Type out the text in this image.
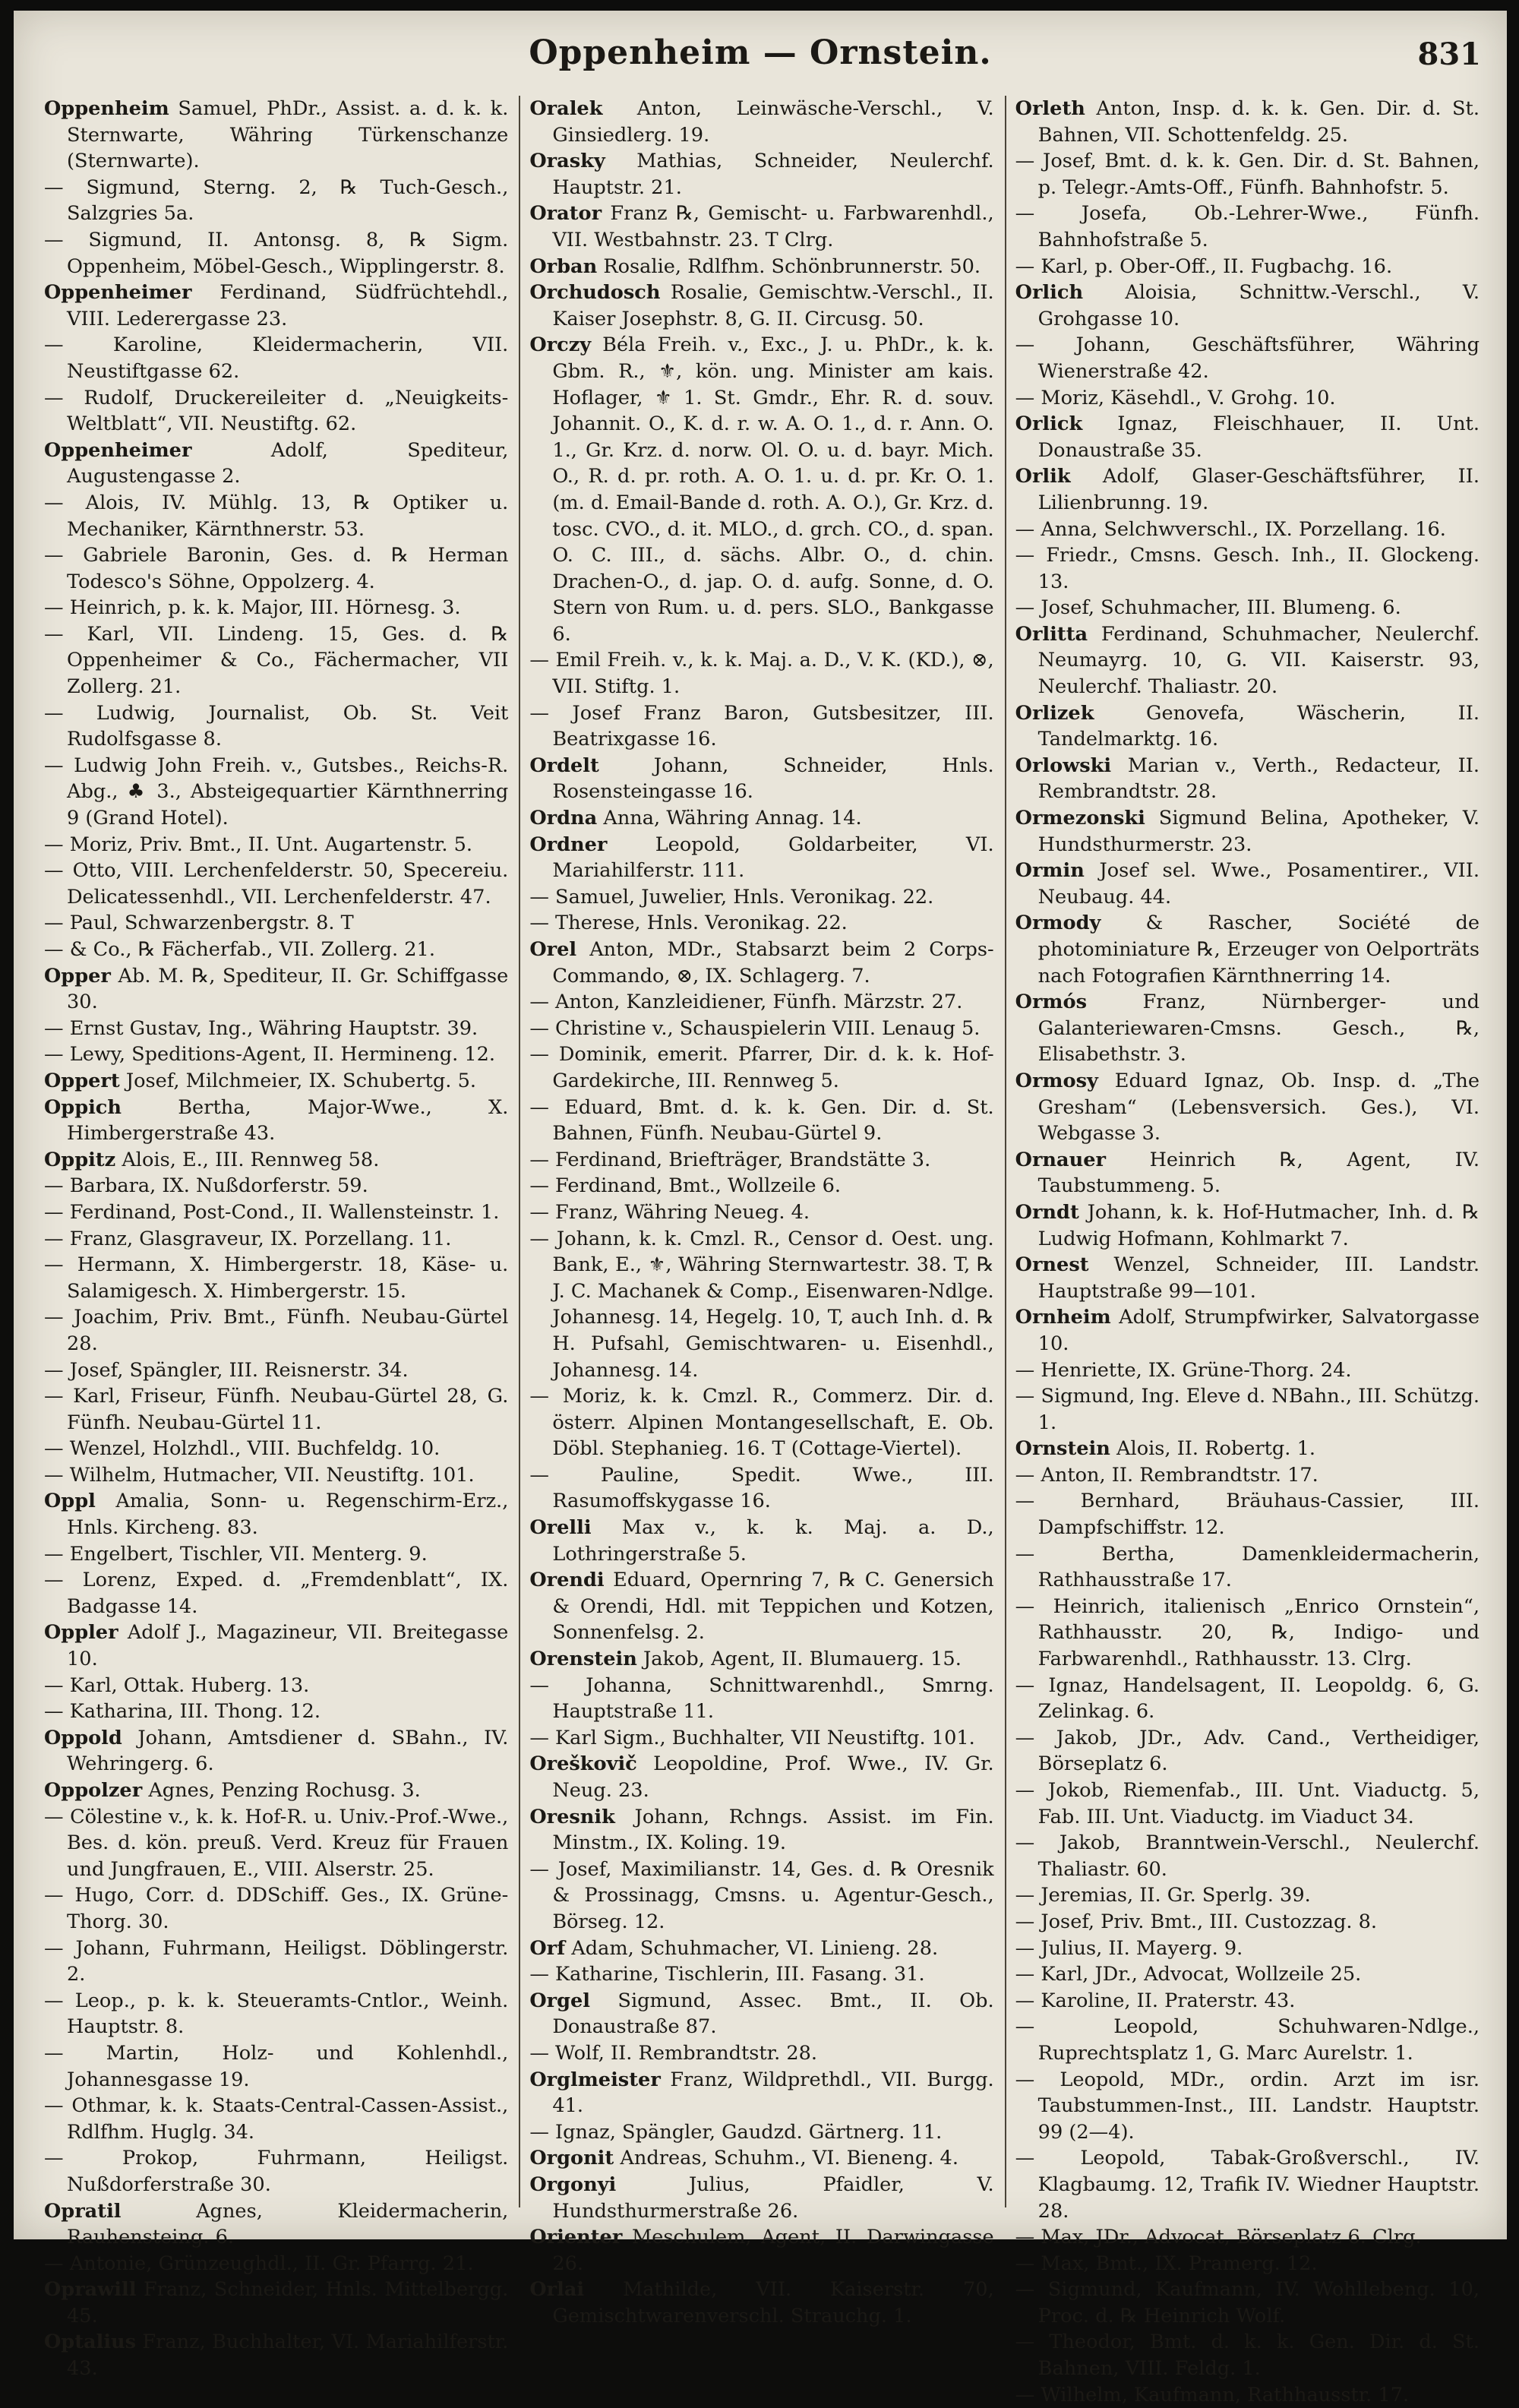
Oppenheim — Ornstein.	831

Oppenheim Samuel, PhDr., Assist. a. d. k. k. Sternwarte, Währing Türkenschanze (Sternwarte).

— Sigmund, Sterng. 2, ℞ Tuch-Gesch., Salzgries 5a.

— Sigmund, II. Antonsg. 8, ℞ Sigm. Oppenheim, Möbel-Gesch., Wipplingerstr. 8.

Oppenheimer Ferdinand, Südfrüchtehdl., VIII. Lederergasse 23.

— Karoline, Kleidermacherin, VII. Neustiftgasse 62.

— Rudolf, Druckereileiter d. „Neuigkeits-Weltblatt“, VII. Neustiftg. 62.

Oppenheimer	Adolf, Spediteur, Augustengasse 2.

— Alois, IV. Mühlg. 13, ℞ Optiker u. Mechaniker, Kärnthnerstr. 53.

— Gabriele Baronin, Ges. d. ℞ Herman Todesco's Söhne, Oppolzerg. 4.

— Heinrich, p. k. k. Major, III. Hörnesg. 3.

— Karl, VII. Lindeng. 15, Ges. d. ℞ Oppenheimer & Co., Fächermacher, VII Zollerg. 21.

— Ludwig, Journalist, Ob. St. Veit Rudolfsgasse 8.

— Ludwig John Freih. v., Gutsbes., Reichs-R. Abg., ♣ 3., Absteigequartier Kärnthnerring 9 (Grand Hotel).

— Moriz, Priv. Bmt., II. Unt. Augartenstr. 5.

— Otto, VIII. Lerchenfelderstr. 50, Specereiu. Delicatessenhdl., VII. Lerchenfelderstr. 47.

— Paul, Schwarzenbergstr. 8. T

— & Co., ℞ Fächerfab., VII. Zollerg. 21.

Opper Ab. M. ℞, Spediteur, II. Gr. Schiffgasse 30.

— Ernst Gustav, Ing., Währing Hauptstr. 39.

— Lewy, Speditions-Agent, II. Hermineng. 12.

Oppert Josef, Milchmeier, IX. Schubertg. 5.

Oppich	Bertha, Major-Wwe., X. Himbergerstraße 43.

Oppitz Alois, E., III. Rennweg 58.

— Barbara, IX. Nußdorferstr. 59.

— Ferdinand, Post-Cond., II. Wallensteinstr. 1.

— Franz, Glasgraveur, IX. Porzellang. 11.

— Hermann, X. Himbergerstr. 18, Käse- u. Salamigesch. X. Himbergerstr. 15.

— Joachim, Priv. Bmt., Fünfh. Neubau-Gürtel 28.

— Josef, Spängler, III. Reisnerstr. 34.

— Karl, Friseur, Fünfh. Neubau-Gürtel 28, G. Fünfh. Neubau-Gürtel 11.

— Wenzel, Holzhdl., VIII. Buchfeldg. 10.

— Wilhelm, Hutmacher, VII. Neustiftg. 101.

Oppl Amalia, Sonn- u. Regenschirm-Erz., Hnls. Kircheng. 83.

— Engelbert, Tischler, VII. Menterg. 9.

— Lorenz, Exped. d. „Fremdenblatt“, IX. Badgasse 14.

Oppler Adolf J., Magazineur, VII. Breitegasse 10.

— Karl, Ottak. Huberg. 13.

— Katharina, III. Thong. 12.

Oppold Johann, Amtsdiener d. SBahn., IV. Wehringerg. 6.

Oppolzer Agnes, Penzing Rochusg. 3.

— Cölestine v., k. k. Hof-R. u. Univ.-Prof.-Wwe., Bes. d. kön. preuß. Verd. Kreuz für Frauen und Jungfrauen, E., VIII. Alserstr. 25.

— Hugo, Corr. d. DDSchiff. Ges., IX. Grüne-Thorg. 30.

— Johann, Fuhrmann, Heiligst. Döblingerstr. 2.

— Leop., p. k. k. Steueramts-Cntlor., Weinh. Hauptstr. 8.

— Martin, Holz- und Kohlenhdl., Johannesgasse 19.

— Othmar, k. k. Staats-Central-Cassen-Assist., Rdlfhm. Huglg. 34.

— Prokop, Fuhrmann, Heiligst. Nußdorferstraße 30.

Opratil	Agnes, Kleidermacherin, Rauhensteing. 6.

— Antonie, Grünzeughdl., II. Gr. Pfarrg. 21.

Oprawill Franz, Schneider, Hnls. Mittelbergg. 45.

Optalius Franz, Buchhalter, VI. Mariahilferstr. 43.

Oralek Anton, Leinwäsche-Verschl., V. Ginsiedlerg. 19.

Orasky Mathias, Schneider, Neulerchf. Hauptstr. 21.

Orator Franz ℞, Gemischt- u. Farbwarenhdl., VII. Westbahnstr. 23. T Clrg.

Orban Rosalie, Rdlfhm. Schönbrunnerstr. 50.

Orchudosch Rosalie, Gemischtw.-Verschl., II. Kaiser Josephstr. 8, G. II. Circusg. 50.

Orczy Béla Freih. v., Exc., J. u. PhDr., k. k. Gbm. R., ⚜, kön. ung. Minister am kais. Hoflager, ⚜ 1. St. Gmdr., Ehr. R. d. souv. Johannit. O., K. d. r. w. A. O. 1., d. r. Ann. O. 1., Gr. Krz. d. norw. Ol. O. u. d. bayr. Mich. O., R. d. pr. roth. A. O. 1. u. d. pr. Kr. O. 1. (m. d. Email-Bande d. roth. A. O.), Gr. Krz. d. tosc. CVO., d. it. MLO., d. grch. CO., d. span. O. C. III., d. sächs. Albr. O., d. chin. Drachen-O., d. jap. O. d. aufg. Sonne, d. O. Stern von Rum. u. d. pers. SLO., Bankgasse 6.

— Emil Freih. v., k. k. Maj. a. D., V. K. (KD.), ⊗, VII. Stiftg. 1.

— Josef Franz Baron, Gutsbesitzer, III. Beatrixgasse 16.

Ordelt	Johann, Schneider, Hnls. Rosensteingasse 16.

Ordna Anna, Währing Annag. 14.

Ordner Leopold, Goldarbeiter, VI. Mariahilferstr. 111.

— Samuel, Juwelier, Hnls. Veronikag. 22.

— Therese, Hnls. Veronikag. 22.

Orel Anton, MDr., Stabsarzt beim 2 Corps-Commando, ⊗, IX. Schlagerg. 7.

— Anton, Kanzleidiener, Fünfh. Märzstr. 27.

— Christine v., Schauspielerin VIII. Lenaug 5.

— Dominik, emerit. Pfarrer, Dir. d. k. k. Hof-Gardekirche, III. Rennweg 5.

— Eduard, Bmt. d. k. k. Gen. Dir. d. St. Bahnen, Fünfh. Neubau-Gürtel 9.

— Ferdinand, Briefträger, Brandstätte 3.

— Ferdinand, Bmt., Wollzeile 6.

— Franz, Währing Neueg. 4.

— Johann, k. k. Cmzl. R., Censor d. Oest. ung. Bank, E., ⚜, Währing Sternwartestr. 38. T, ℞ J. C. Machanek & Comp., Eisenwaren-Ndlge. Johannesg. 14, Hegelg. 10, T, auch Inh. d. ℞ H. Pufsahl, Gemischtwaren- u. Eisenhdl., Johannesg. 14.

— Moriz, k. k. Cmzl. R., Commerz. Dir. d. österr. Alpinen Montangesellschaft, E. Ob. Döbl. Stephanieg. 16. T (Cottage-Viertel).

— Pauline, Spedit. Wwe., III. Rasumoffskygasse 16.

Orelli Max v., k. k. Maj. a. D., Lothringerstraße 5.

Orendi Eduard, Opernring 7, ℞ C. Genersich & Orendi, Hdl. mit Teppichen und Kotzen, Sonnenfelsg. 2.

Orenstein Jakob, Agent, II. Blumauerg. 15.

— Johanna, Schnittwarenhdl., Smrng. Hauptstraße 11.

— Karl Sigm., Buchhalter, VII Neustiftg. 101.

Oreškovič Leopoldine, Prof. Wwe., IV. Gr. Neug. 23.

Oresnik Johann, Rchngs. Assist. im Fin. Minstm., IX. Koling. 19.

— Josef, Maximilianstr. 14, Ges. d. ℞ Oresnik & Prossinagg, Cmsns. u. Agentur-Gesch., Börseg. 12.

Orf Adam, Schuhmacher, VI. Linieng. 28.

— Katharine, Tischlerin, III. Fasang. 31.

Orgel Sigmund, Assec. Bmt., II. Ob. Donaustraße 87.

— Wolf, II. Rembrandtstr. 28.

Orglmeister Franz, Wildprethdl., VII. Burgg. 41.

— Ignaz, Spängler, Gaudzd. Gärtnerg. 11.

Orgonit Andreas, Schuhm., VI. Bieneng. 4.

Orgonyi	Julius, Pfaidler, V. Hundsthurmerstraße 26.

Orienter Meschulem, Agent, II. Darwingasse 26.

Orlai Mathilde, VII. Kaiserstr. 70, Gemischtwarenverschl. Strauchg. 1.

Orleth Anton, Insp. d. k. k. Gen. Dir. d. St. Bahnen, VII. Schottenfeldg. 25.

— Josef, Bmt. d. k. k. Gen. Dir. d. St. Bahnen, p. Telegr.-Amts-Off., Fünfh. Bahnhofstr. 5.

— Josefa, Ob.-Lehrer-Wwe., Fünfh. Bahnhofstraße 5.

— Karl, p. Ober-Off., II. Fugbachg. 16.

Orlich Aloisia, Schnittw.-Verschl., V. Grohgasse 10.

— Johann, Geschäftsführer, Währing Wienerstraße 42.

— Moriz, Käsehdl., V. Grohg. 10.

Orlick Ignaz, Fleischhauer, II. Unt. Donaustraße 35.

Orlik Adolf, Glaser-Geschäftsführer, II. Lilienbrunng. 19.

— Anna, Selchwverschl., IX. Porzellang. 16.

— Friedr., Cmsns. Gesch. Inh., II. Glockeng. 13.

— Josef, Schuhmacher, III. Blumeng. 6.

Orlitta Ferdinand, Schuhmacher, Neulerchf. Neumayrg. 10, G. VII. Kaiserstr. 93, Neulerchf. Thaliastr. 20.

Orlizek	Genovefa, Wäscherin, II. Tandelmarktg. 16.

Orlowski Marian v., Verth., Redacteur, II. Rembrandtstr. 28.

Ormezonski Sigmund Belina, Apotheker, V. Hundsthurmerstr. 23.

Ormin Josef sel. Wwe., Posamentirer., VII. Neubaug. 44.

Ormody & Rascher, Société de photominiature ℞, Erzeuger von Oelporträts nach Fotografien Kärnthnerring 14.

Ormós	Franz, Nürnberger- und Galanteriewaren-Cmsns. Gesch., ℞, Elisabethstr. 3.

Ormosy Eduard Ignaz, Ob. Insp. d. „The Gresham“ (Lebensversich. Ges.), VI. Webgasse 3.

Ornauer Heinrich ℞, Agent, IV. Taubstummeng. 5.

Orndt Johann, k. k. Hof-Hutmacher, Inh. d. ℞ Ludwig Hofmann, Kohlmarkt 7.

Ornest Wenzel, Schneider, III. Landstr. Hauptstraße 99—101.

Ornheim Adolf, Strumpfwirker, Salvatorgasse 10.

— Henriette, IX. Grüne-Thorg. 24.

— Sigmund, Ing. Eleve d. NBahn., III. Schützg. 1.

Ornstein Alois, II. Robertg. 1.

— Anton, II. Rembrandtstr. 17.

— Bernhard, Bräuhaus-Cassier, III. Dampfschiffstr. 12.

— Bertha, Damenkleidermacherin, Rathhausstraße 17.

— Heinrich, italienisch „Enrico Ornstein“, Rathhausstr. 20, ℞, Indigo- und Farbwarenhdl., Rathhausstr. 13. Clrg.

— Ignaz, Handelsagent, II. Leopoldg. 6, G. Zelinkag. 6.

— Jakob, JDr., Adv. Cand., Vertheidiger, Börseplatz 6.

— Jokob, Riemenfab., III. Unt. Viaductg. 5, Fab. III. Unt. Viaductg. im Viaduct 34.

— Jakob, Branntwein-Verschl., Neulerchf. Thaliastr. 60.

— Jeremias, II. Gr. Sperlg. 39.

— Josef, Priv. Bmt., III. Custozzag. 8.

— Julius, II. Mayerg. 9.

— Karl, JDr., Advocat, Wollzeile 25.

— Karoline, II. Praterstr. 43.

— Leopold, Schuhwaren-Ndlge., Ruprechtsplatz 1, G. Marc Aurelstr. 1.

— Leopold, MDr., ordin. Arzt im isr. Taubstummen-Inst., III. Landstr. Hauptstr. 99 (2—4).

— Leopold, Tabak-Großverschl., IV. Klagbaumg. 12, Trafik IV. Wiedner Hauptstr. 28.

— Max, JDr., Advocat, Börseplatz 6. Clrg.

— Max, Bmt., IX. Pramerg. 12.

— Sigmund, Kaufmann, IV. Wohllebeng. 10, Proc. d. ℞ Heinrich Wolf.

— Theodor, Bmt. d. k. k. Gen. Dir. d. St. Bahnen, VIII. Feldg. 1.

— Wilhelm, Kaufmann, Rathhausstr. 17.
